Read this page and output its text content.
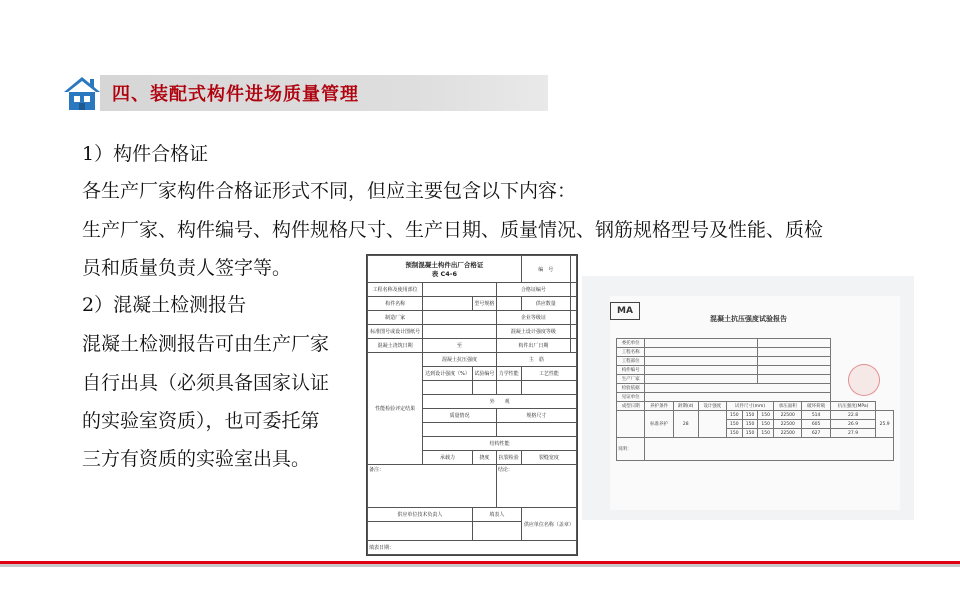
四、装配式构件进场质量管理
1）构件合格证
各生产厂家构件合格证形式不同，但应主要包含以下内容：
生产厂家、构件编号、构件规格尺寸、生产日期、质量情况、钢筋规格型号及性能、质检
员和质量负责人签字等。
2）混凝土检测报告
混凝土检测报告可由生产厂家
自行出具（必须具备国家认证
的实验室资质），也可委托第
三方有资质的实验室出具。
预制混凝土构件出厂合格证
表 C4-6				编　号	
工程名称及使用部位			合格证编号		
构件名称		型号规格		供应数量	
制造厂家			企业等级证		
标准图号或设计图纸号			混凝土设计强度等级		
混凝土浇筑日期	至		构件出厂日期		
性能检验评定结果	混凝土抗压强度		主　筋		
	达到设计强度（%）	试验编号	力学性能	工艺性能	

	外　　观				
	质量情况		规格尺寸		

	结构性能				
	承载力	挠度	抗裂检验	裂缝宽度	
备注：			结论：		
供应单位技术负责人		填表人		供应单位名称（盖章）	

填表日期：					
MA
混凝土抗压强度试验报告
委托单位										
工程名称										
工程部位										
构件编号										
生产厂家										
检验依据										
见证单位										
成型日期	养护条件	龄期(d)	设计强度	试件尺寸(mm)			承压面积	破坏荷载	抗压强度(MPa)	
	标准养护	28		150	150	150	22500	514	22.8	25.9
				150	150	150	22500	605	26.9	
				150	150	150	22500	627	27.9	
说明：										
